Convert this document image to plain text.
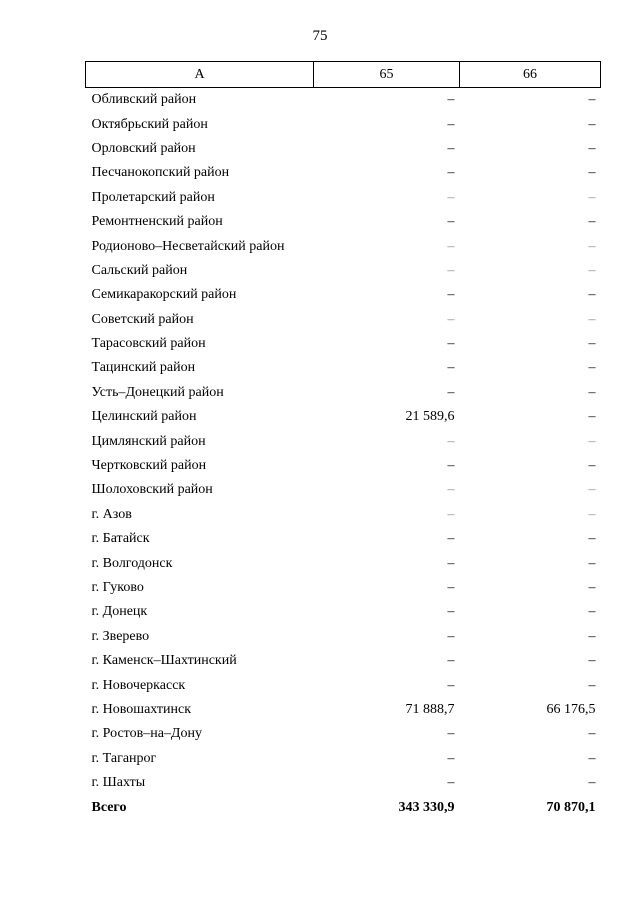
75
А	65	66
Обливский район	–	–
Октябрьский район	–	–
Орловский район	–	–
Песчанокопский район	–	–
Пролетарский район	–	–
Ремонтненский район	–	–
Родионово–Несветайский район	–	–
Сальский район	–	–
Семикаракорский район	–	–
Советский район	–	–
Тарасовский район	–	–
Тацинский район	–	–
Усть–Донецкий район	–	–
Целинский район	21 589,6	–
Цимлянский район	–	–
Чертковский район	–	–
Шолоховский район	–	–
г. Азов	–	–
г. Батайск	–	–
г. Волгодонск	–	–
г. Гуково	–	–
г. Донецк	–	–
г. Зверево	–	–
г. Каменск–Шахтинский	–	–
г. Новочеркасск	–	–
г. Новошахтинск	71 888,7	66 176,5
г. Ростов–на–Дону	–	–
г. Таганрог	–	–
г. Шахты	–	–
Всего	343 330,9	70 870,1
